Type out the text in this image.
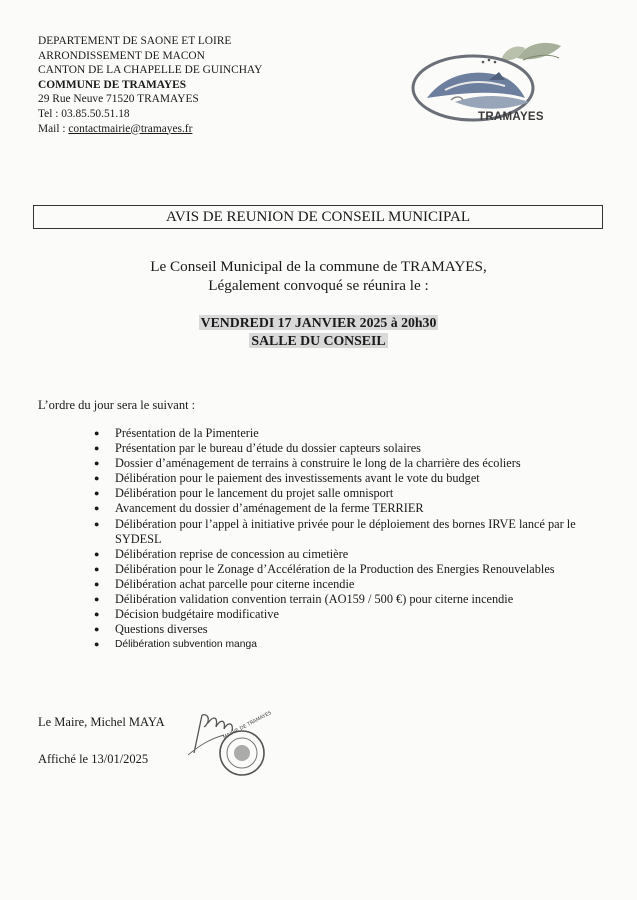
DEPARTEMENT DE SAONE ET LOIRE
ARRONDISSEMENT DE MACON
CANTON DE LA CHAPELLE DE GUINCHAY
COMMUNE DE TRAMAYES
29 Rue Neuve 71520 TRAMAYES
Tel : 03.85.50.51.18
Mail : contactmairie@tramayes.fr
TRAMAYES
AVIS DE REUNION DE CONSEIL MUNICIPAL
Le Conseil Municipal de la commune de TRAMAYES,
Légalement convoqué se réunira le :
VENDREDI 17 JANVIER 2025 à 20h30
SALLE DU CONSEIL
L’ordre du jour sera le suivant :
● Présentation de la Pimenterie
● Présentation par le bureau d’étude du dossier capteurs solaires
● Dossier d’aménagement de terrains à construire le long de la charrière des écoliers
● Délibération pour le paiement des investissements avant le vote du budget
● Délibération pour le lancement du projet salle omnisport
● Avancement du dossier d’aménagement de la ferme TERRIER
● Délibération pour l’appel à initiative privée pour le déploiement des bornes IRVE lancé par le SYDESL
● Délibération reprise de concession au cimetière
● Délibération pour le Zonage d’Accélération de la Production des Energies Renouvelables
● Délibération achat parcelle pour citerne incendie
● Délibération validation convention terrain (AO159 / 500 €) pour citerne incendie
● Décision budgétaire modificative
● Questions diverses
● Délibération subvention manga
Le Maire, Michel MAYA
Affiché le 13/01/2025
MAIRIE DE TRAMAYES
